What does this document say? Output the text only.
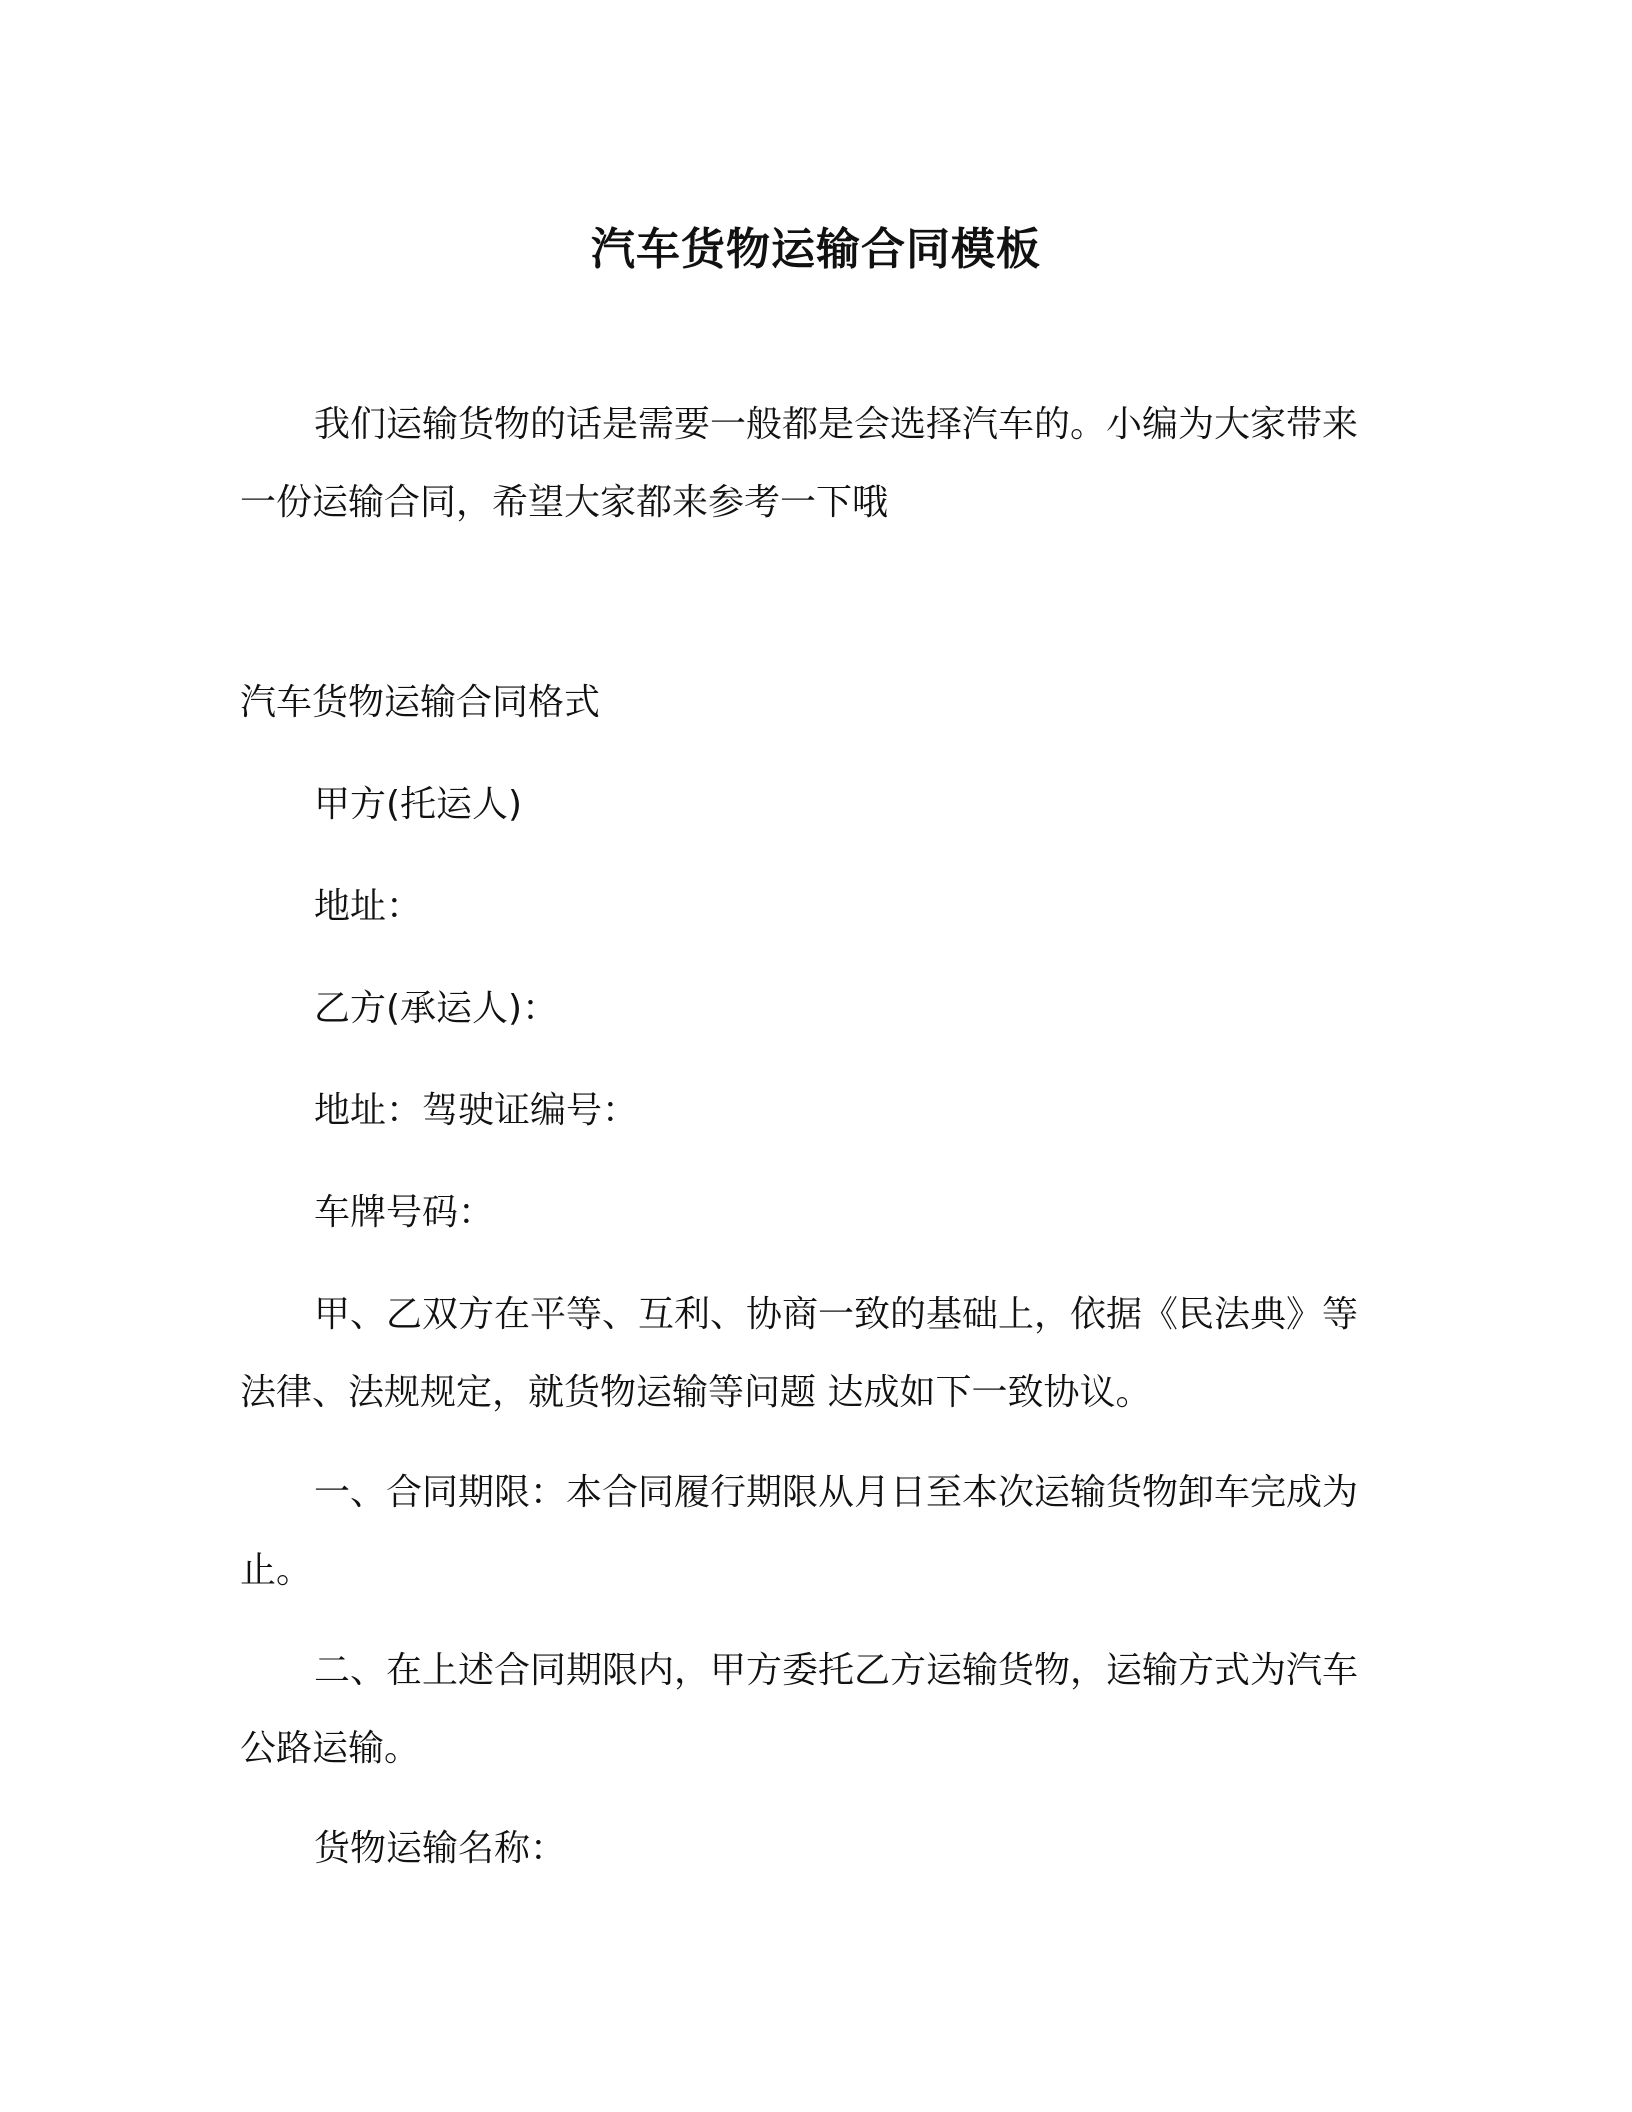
汽车货物运输合同模板

我们运输货物的话是需要一般都是会选择汽车的。小编为大家带来一份运输合同，希望大家都来参考一下哦

汽车货物运输合同格式

甲方(托运人)

地址：

乙方(承运人)：

地址：驾驶证编号：

车牌号码：

甲、乙双方在平等、互利、协商一致的基础上，依据《民法典》等法律、法规规定，就货物运输等问题 达成如下一致协议。

一、合同期限：本合同履行期限从月日至本次运输货物卸车完成为止。

二、在上述合同期限内，甲方委托乙方运输货物，运输方式为汽车公路运输。

货物运输名称：
